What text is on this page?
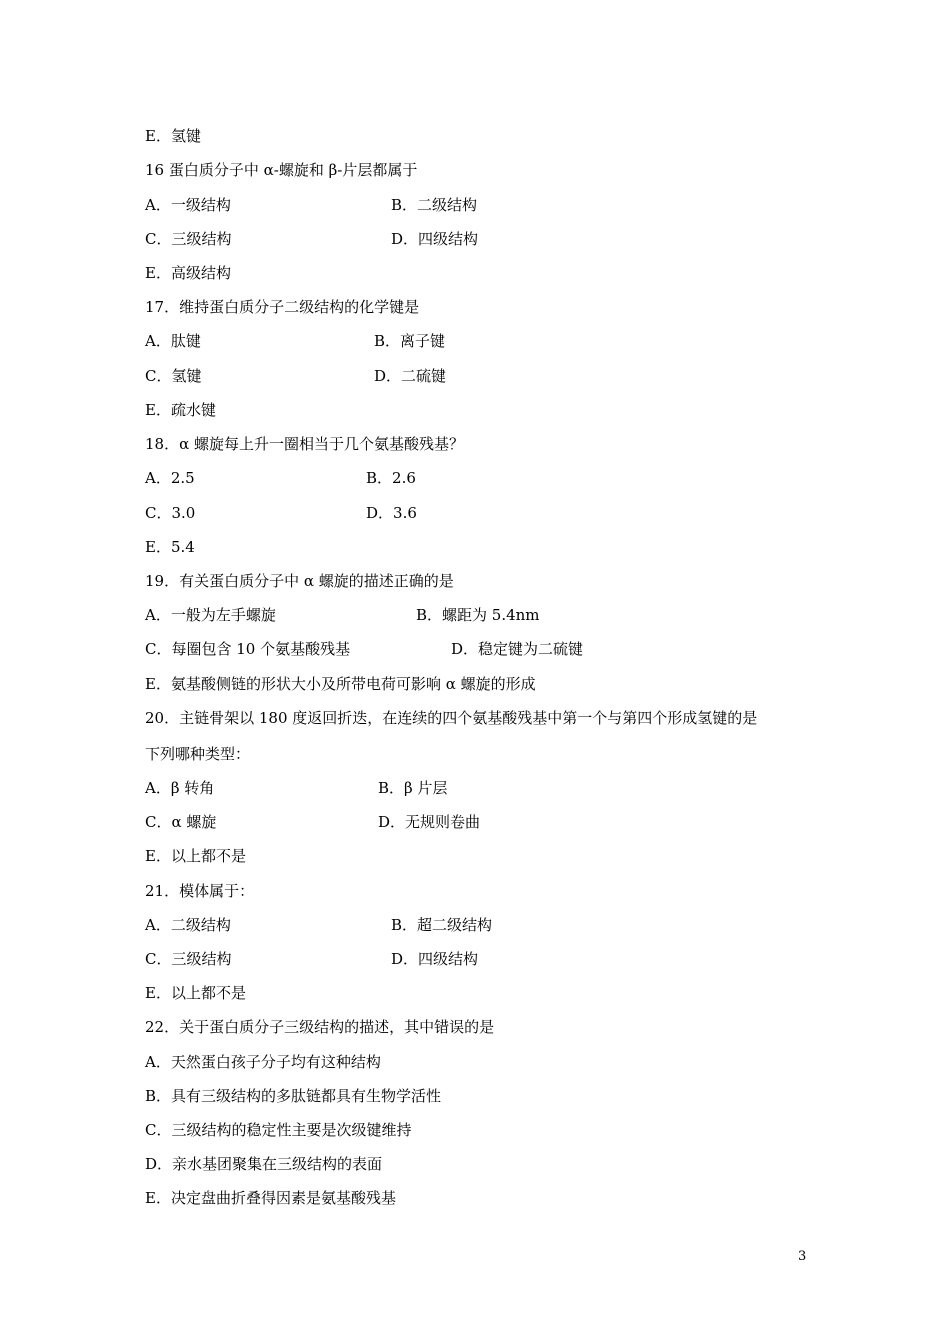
E．氢键
16 蛋白质分子中 α-螺旋和 β-片层都属于
A．一级结构	B．二级结构
C．三级结构	D．四级结构
E．高级结构
17．维持蛋白质分子二级结构的化学键是
A．肽键	B．离子键
C．氢键	D．二硫键
E．疏水键
18．α 螺旋每上升一圈相当于几个氨基酸残基？
A．2.5	B．2.6
C．3.0	D．3.6
E．5.4
19．有关蛋白质分子中 α 螺旋的描述正确的是
A．一般为左手螺旋	B．螺距为 5.4nm
C．每圈包含 10 个氨基酸残基	D．稳定键为二硫键
E．氨基酸侧链的形状大小及所带电荷可影响 α 螺旋的形成
20．主链骨架以 180 度返回折迭，在连续的四个氨基酸残基中第一个与第四个形成氢键的是
下列哪种类型：
A．β 转角	B．β 片层
C．α 螺旋	D．无规则卷曲
E．以上都不是
21．模体属于：
A．二级结构	B．超二级结构
C．三级结构	D．四级结构
E．以上都不是
22．关于蛋白质分子三级结构的描述，其中错误的是
A．天然蛋白孩子分子均有这种结构
B．具有三级结构的多肽链都具有生物学活性
C．三级结构的稳定性主要是次级键维持
D．亲水基团聚集在三级结构的表面
E．决定盘曲折叠得因素是氨基酸残基
3
